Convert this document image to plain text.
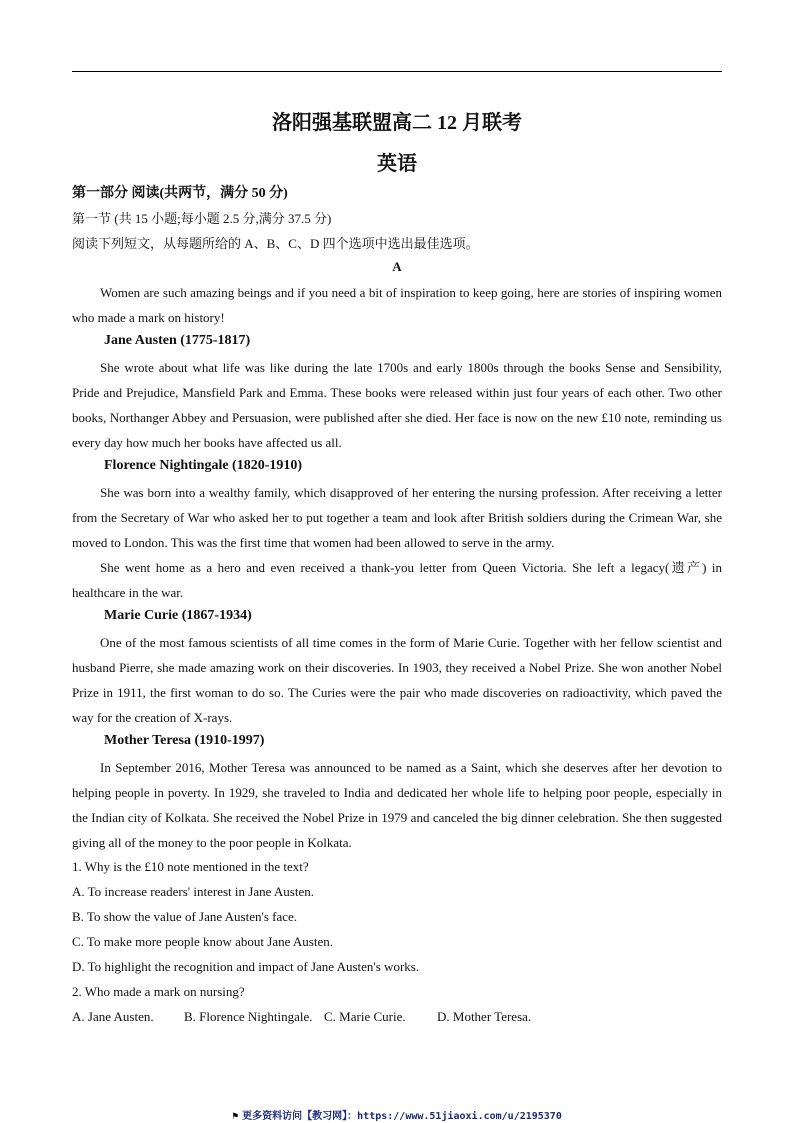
洛阳强基联盟高二 12 月联考
英语
第一部分 阅读(共两节，满分 50 分)
第一节 (共 15 小题;每小题 2.5 分,满分 37.5 分)
阅读下列短文，从每题所给的 A、B、C、D 四个选项中选出最佳选项。
A

Women are such amazing beings and if you need a bit of inspiration to keep going, here are stories of inspiring women who made a mark on history!

Jane Austen (1775-1817)

She wrote about what life was like during the late 1700s and early 1800s through the books Sense and Sensibility, Pride and Prejudice, Mansfield Park and Emma. These books were released within just four years of each other. Two other books, Northanger Abbey and Persuasion, were published after she died. Her face is now on the new £10 note, reminding us every day how much her books have affected us all.

Florence Nightingale (1820-1910)

She was born into a wealthy family, which disapproved of her entering the nursing profession. After receiving a letter from the Secretary of War who asked her to put together a team and look after British soldiers during the Crimean War, she moved to London. This was the first time that women had been allowed to serve in the army.

She went home as a hero and even received a thank-you letter from Queen Victoria. She left a legacy(遗产) in healthcare in the war.

Marie Curie (1867-1934)

One of the most famous scientists of all time comes in the form of Marie Curie. Together with her fellow scientist and husband Pierre, she made amazing work on their discoveries. In 1903, they received a Nobel Prize. She won another Nobel Prize in 1911, the first woman to do so. The Curies were the pair who made discoveries on radioactivity, which paved the way for the creation of X-rays.

Mother Teresa (1910-1997)

In September 2016, Mother Teresa was announced to be named as a Saint, which she deserves after her devotion to helping people in poverty. In 1929, she traveled to India and dedicated her whole life to helping poor people, especially in the Indian city of Kolkata. She received the Nobel Prize in 1979 and canceled the big dinner celebration. She then suggested giving all of the money to the poor people in Kolkata.

1. Why is the £10 note mentioned in the text?
A. To increase readers' interest in Jane Austen.
B. To show the value of Jane Austen's face.
C. To make more people know about Jane Austen.
D. To highlight the recognition and impact of Jane Austen's works.
2. Who made a mark on nursing?
A. Jane Austen. B. Florence Nightingale. C. Marie Curie. D. Mother Teresa.
⚑ 更多资料访问【教习网】：https://www.51jiaoxi.com/u/2195370
